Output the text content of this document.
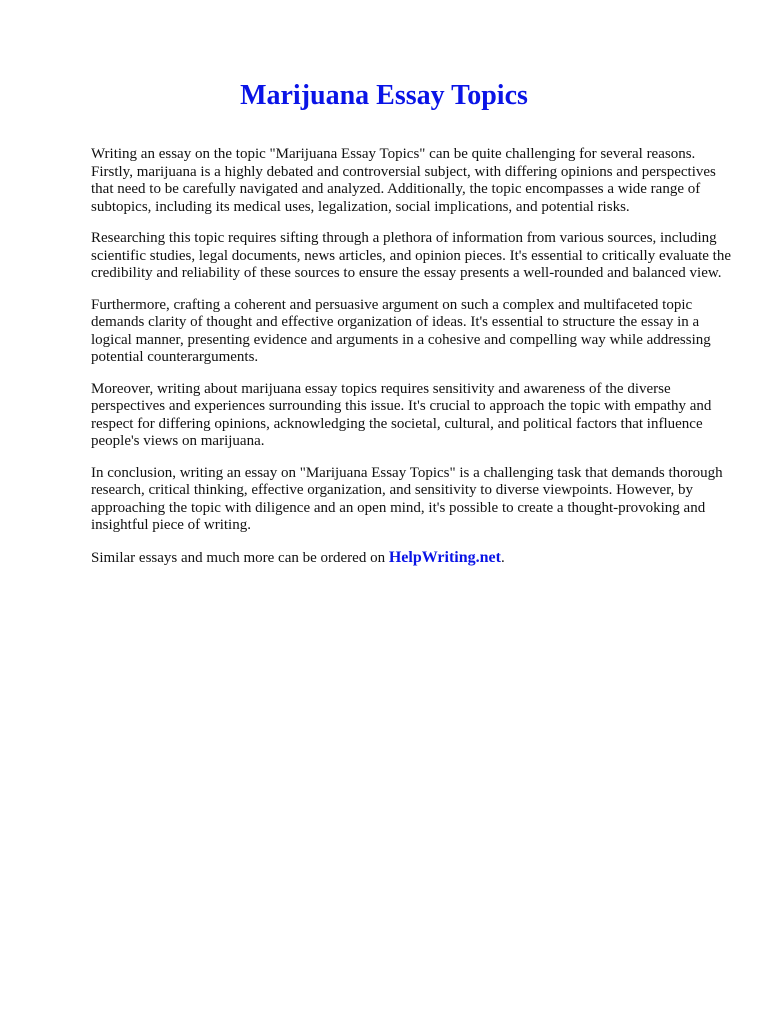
Marijuana Essay Topics

Writing an essay on the topic "Marijuana Essay Topics" can be quite challenging for several reasons. Firstly, marijuana is a highly debated and controversial subject, with differing opinions and perspectives that need to be carefully navigated and analyzed. Additionally, the topic encompasses a wide range of subtopics, including its medical uses, legalization, social implications, and potential risks.

Researching this topic requires sifting through a plethora of information from various sources, including scientific studies, legal documents, news articles, and opinion pieces. It's essential to critically evaluate the credibility and reliability of these sources to ensure the essay presents a well-rounded and balanced view.

Furthermore, crafting a coherent and persuasive argument on such a complex and multifaceted topic demands clarity of thought and effective organization of ideas. It's essential to structure the essay in a logical manner, presenting evidence and arguments in a cohesive and compelling way while addressing potential counterarguments.

Moreover, writing about marijuana essay topics requires sensitivity and awareness of the diverse perspectives and experiences surrounding this issue. It's crucial to approach the topic with empathy and respect for differing opinions, acknowledging the societal, cultural, and political factors that influence people's views on marijuana.

In conclusion, writing an essay on "Marijuana Essay Topics" is a challenging task that demands thorough research, critical thinking, effective organization, and sensitivity to diverse viewpoints. However, by approaching the topic with diligence and an open mind, it's possible to create a thought-provoking and insightful piece of writing.

Similar essays and much more can be ordered on HelpWriting.net.
